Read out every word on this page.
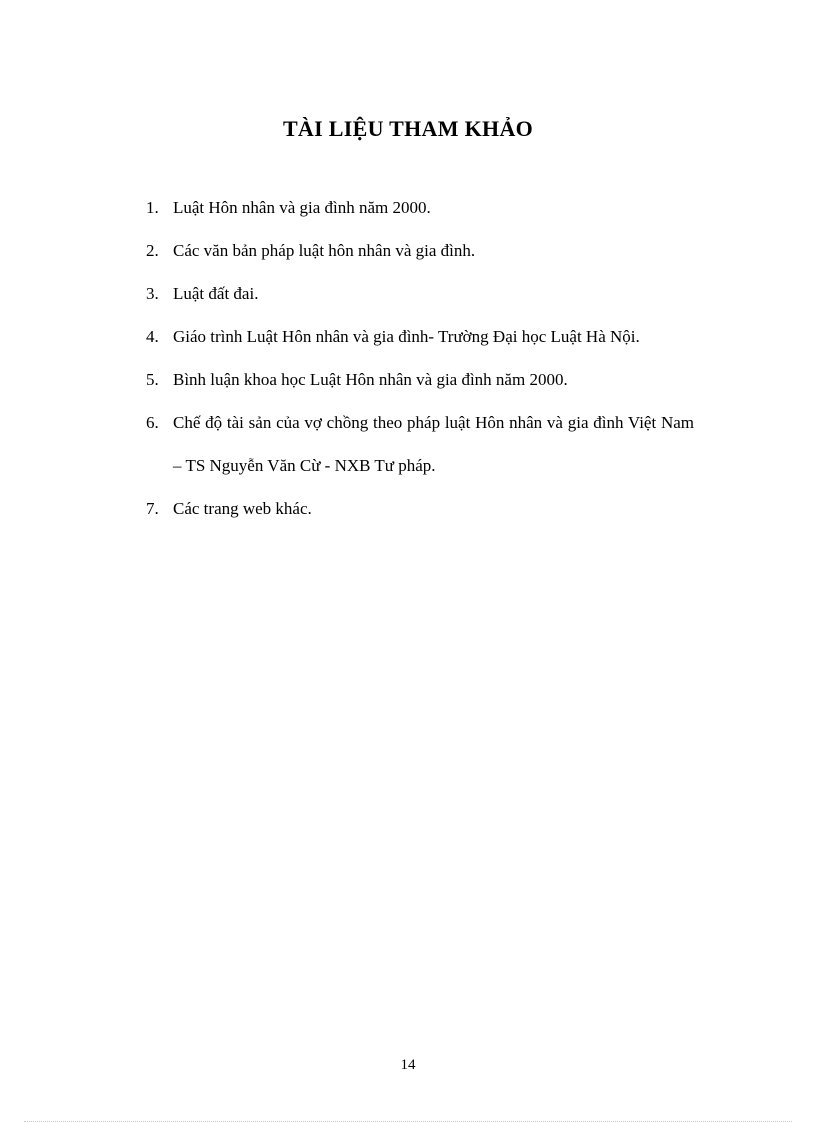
TÀI LIỆU THAM KHẢO
1. Luật Hôn nhân và gia đình năm 2000.
2. Các văn bản pháp luật hôn nhân và gia đình.
3. Luật đất đai.
4. Giáo trình Luật Hôn nhân và gia đình- Trường Đại học Luật Hà Nội.
5. Bình luận khoa học Luật Hôn nhân và gia đình năm 2000.
6. Chế độ tài sản của vợ chồng theo pháp luật Hôn nhân và gia đình Việt Nam – TS Nguyễn Văn Cừ - NXB Tư pháp.
7. Các trang web khác.
14
